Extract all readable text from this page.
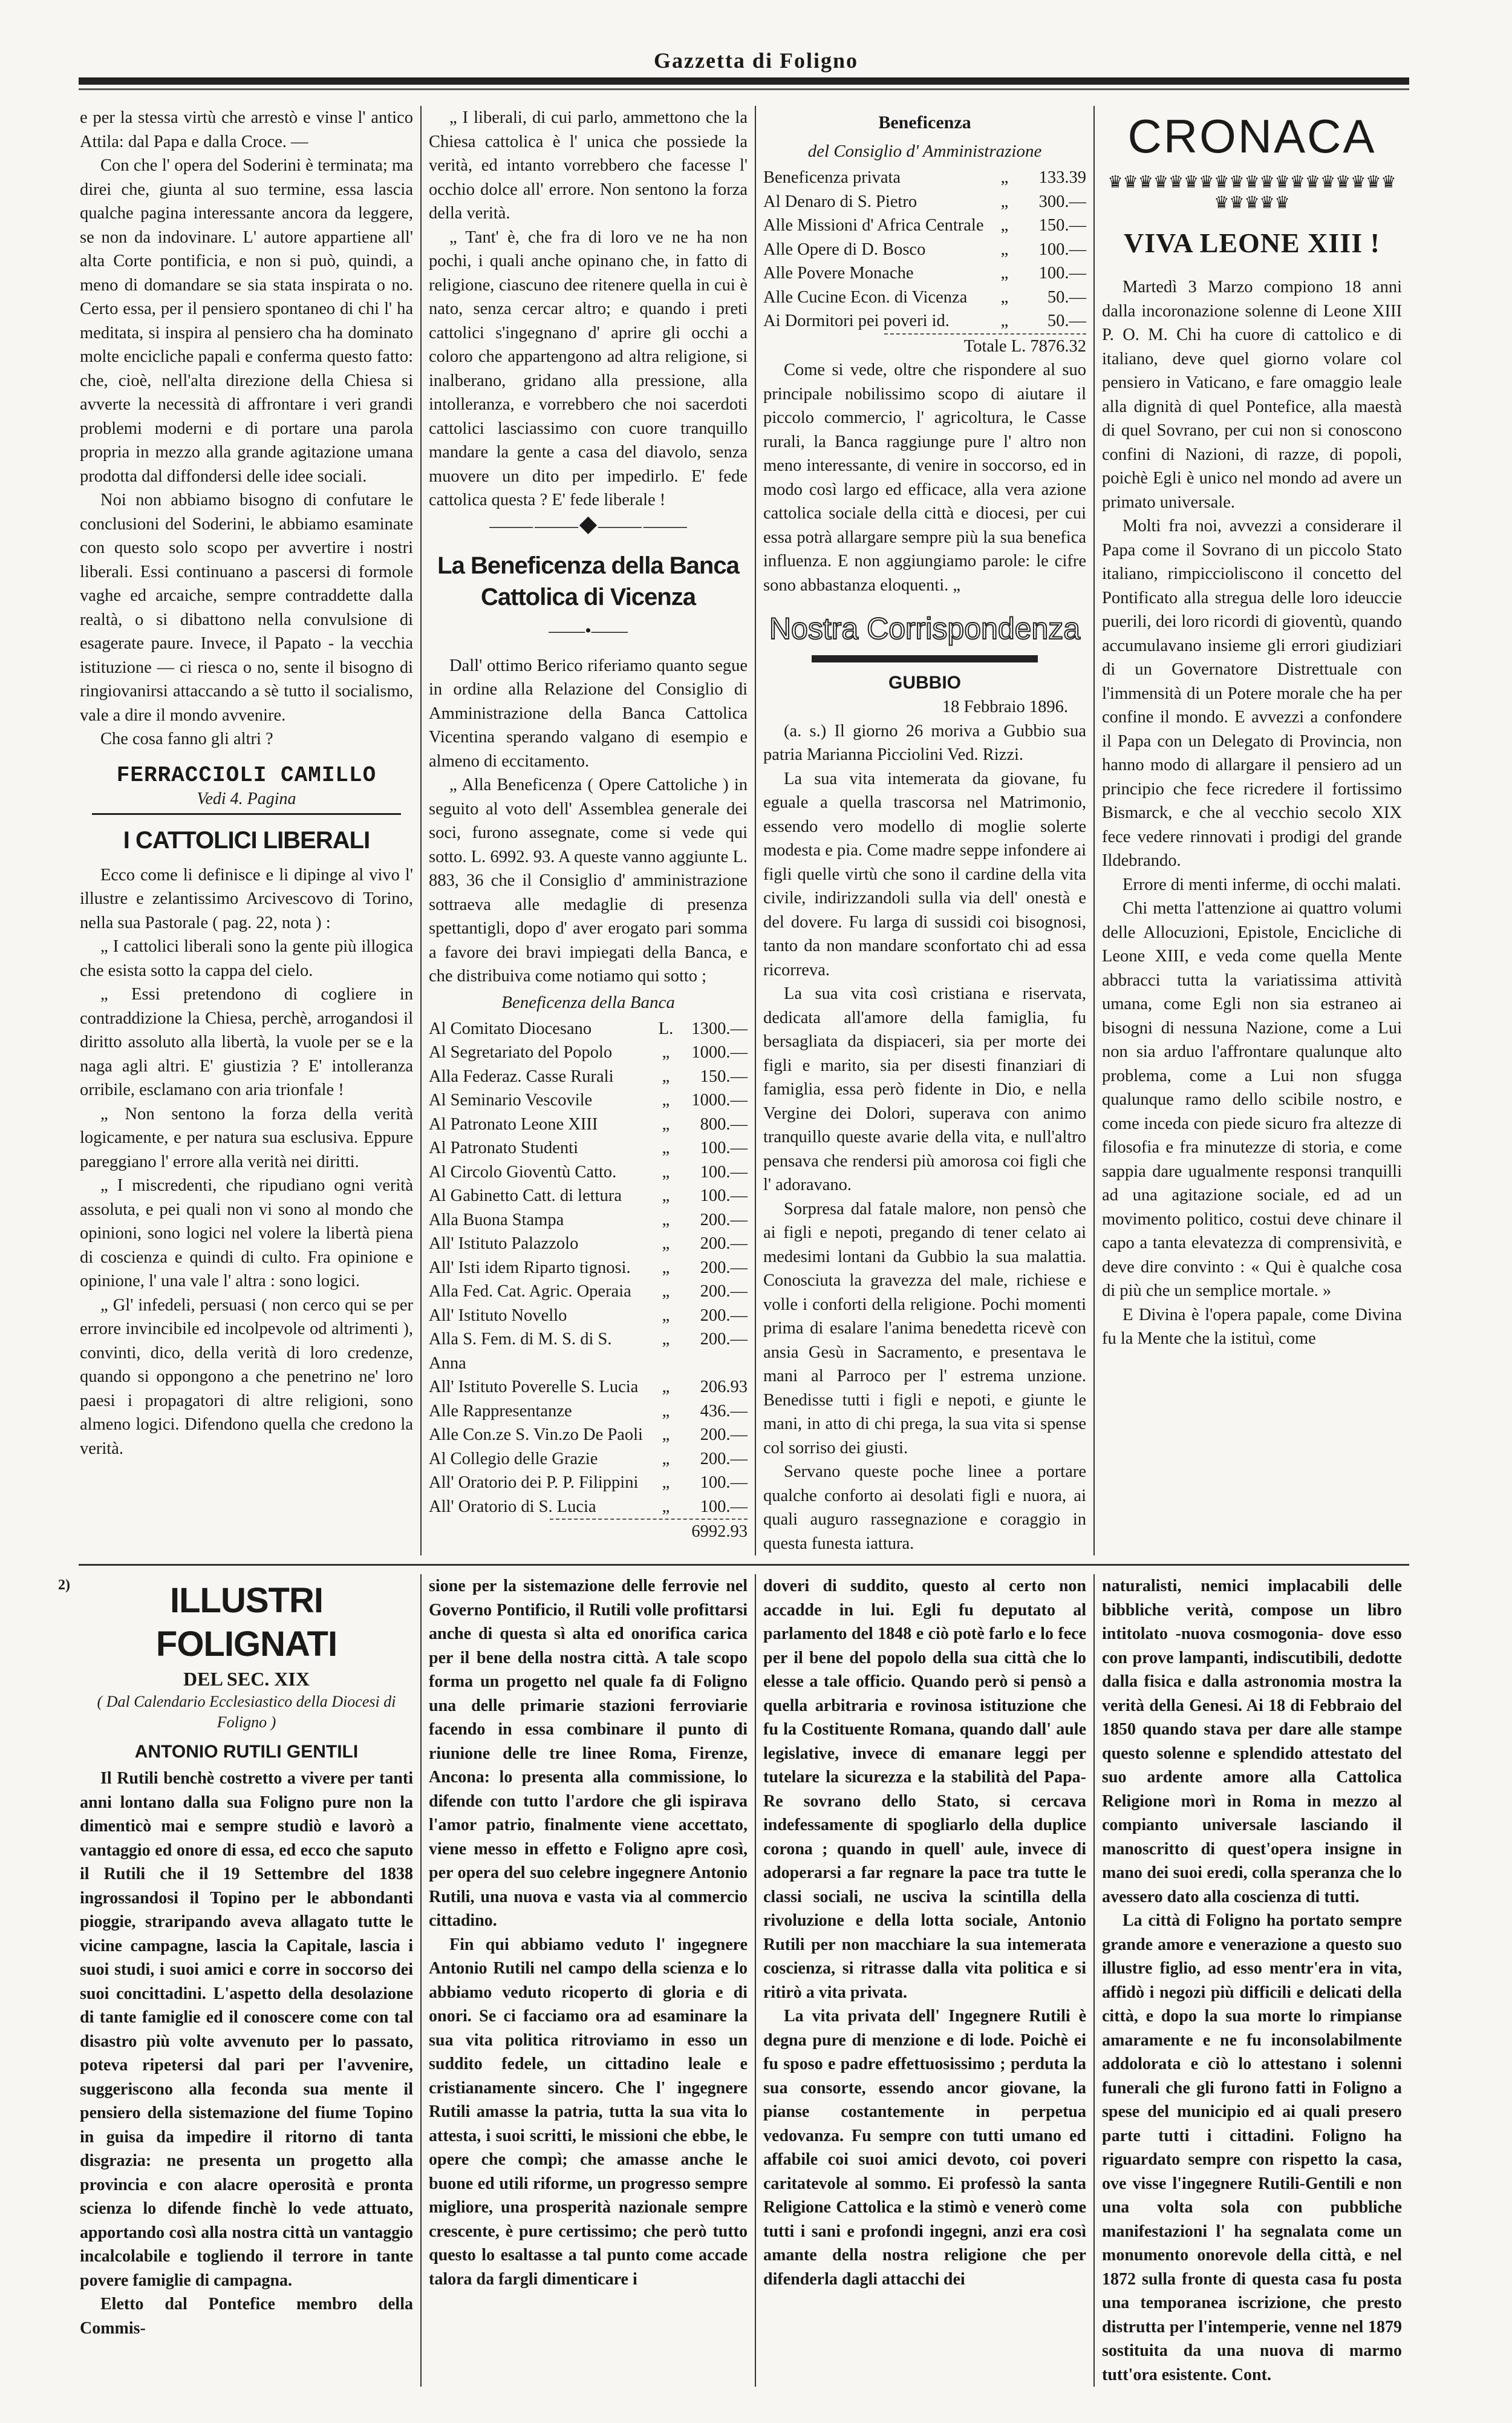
Gazzetta di Foligno

e per la stessa virtù che arrestò e vinse l' antico Attila: dal Papa e dalla Croce. —

Con che l' opera del Soderini è terminata; ma direi che, giunta al suo termine, essa lascia qualche pagina interessante ancora da leggere, se non da indovinare. L' autore appartiene all' alta Corte pontificia, e non si può, quindi, a meno di domandare se sia stata inspirata o no. Certo essa, per il pensiero spontaneo di chi l' ha meditata, si inspira al pensiero cha ha dominato molte encicliche papali e conferma questo fatto: che, cioè, nell'alta direzione della Chiesa si avverte la necessità di affrontare i veri grandi problemi moderni e di portare una parola propria in mezzo alla grande agitazione umana prodotta dal diffondersi delle idee sociali.

Noi non abbiamo bisogno di confutare le conclusioni del Soderini, le abbiamo esaminate con questo solo scopo per avvertire i nostri liberali. Essi continuano a pascersi di formole vaghe ed arcaiche, sempre contraddette dalla realtà, o si dibattono nella convulsione di esagerate paure. Invece, il Papato - la vecchia istituzione — ci riesca o no, sente il bisogno di ringiovanirsi attaccando a sè tutto il socialismo, vale a dire il mondo avvenire.

Che cosa fanno gli altri ?

FERRACCIOLI CAMILLO
Vedi 4. Pagina
I CATTOLICI LIBERALI

Ecco come li definisce e li dipinge al vivo l' illustre e zelantissimo Arcivescovo di Torino, nella sua Pastorale ( pag. 22, nota ) :

„ I cattolici liberali sono la gente più illogica che esista sotto la cappa del cielo.

„ Essi pretendono di cogliere in contraddizione la Chiesa, perchè, arrogandosi il diritto assoluto alla libertà, la vuole per se e la naga agli altri. E' giustizia ? E' intolleranza orribile, esclamano con aria trionfale !

„ Non sentono la forza della verità logicamente, e per natura sua esclusiva. Eppure pareggiano l' errore alla verità nei diritti.

„ I miscredenti, che ripudiano ogni verità assoluta, e pei quali non vi sono al mondo che opinioni, sono logici nel volere la libertà piena di coscienza e quindi di culto. Fra opinione e opinione, l' una vale l' altra : sono logici.

„ Gl' infedeli, persuasi ( non cerco qui se per errore invincibile ed incolpevole od altrimenti ), convinti, dico, della verità di loro credenze, quando si oppongono a che penetrino ne' loro paesi i propagatori di altre religioni, sono almeno logici. Difendono quella che credono la verità.

„ I liberali, di cui parlo, ammettono che la Chiesa cattolica è l' unica che possiede la verità, ed intanto vorrebbero che facesse l' occhio dolce all' errore. Non sentono la forza della verità.

„ Tant' è, che fra di loro ve ne ha non pochi, i quali anche opinano che, in fatto di religione, ciascuno dee ritenere quella in cui è nato, senza cercar altro; e quando i preti cattolici s'ingegnano d' aprire gli occhi a coloro che appartengono ad altra religione, si inalberano, gridano alla pressione, alla intolleranza, e vorrebbero che noi sacerdoti cattolici lasciassimo con cuore tranquillo mandare la gente a casa del diavolo, senza muovere un dito per impedirlo. E' fede cattolica questa ? E' fede liberale !

⸻⸻◆⸻⸻
La Beneficenza della Banca Cattolica di Vicenza
——•——

Dall' ottimo Berico riferiamo quanto segue in ordine alla Relazione del Consiglio di Amministrazione della Banca Cattolica Vicentina sperando valgano di esempio e almeno di eccitamento.

„ Alla Beneficenza ( Opere Cattoliche ) in seguito al voto dell' Assemblea generale dei soci, furono assegnate, come si vede qui sotto. L. 6992. 93. A queste vanno aggiunte L. 883, 36 che il Consiglio d' amministrazione sottraeva alle medaglie di presenza spettantigli, dopo d' aver erogato pari somma a favore dei bravi impiegati della Banca, e che distribuiva come notiamo qui sotto ;

Beneficenza della Banca
Al Comitato Diocesano	L.	1300.—
Al Segretariato del Popolo	„	1000.—
Alla Federaz. Casse Rurali	„	150.—
Al Seminario Vescovile	„	1000.—
Al Patronato Leone XIII	„	800.—
Al Patronato Studenti	„	100.—
Al Circolo Gioventù Catto.	„	100.—
Al Gabinetto Catt. di lettura	„	100.—
Alla Buona Stampa	„	200.—
All' Istituto Palazzolo	„	200.—
All' Isti idem Riparto tignosi.	„	200.—
Alla Fed. Cat. Agric. Operaia	„	200.—
All' Istituto Novello	„	200.—
Alla S. Fem. di M. S. di S. Anna
„	200.—
All' Istituto Poverelle S. Lucia	„	206.93
Alle Rappresentanze	„	436.—
Alle Con.ze S. Vin.zo De Paoli	„	200.—
Al Collegio delle Grazie	„	200.—
All' Oratorio dei P. P. Filippini	„	100.—
All' Oratorio di S. Lucia	„	100.—
6992.93
Beneficenza
del Consiglio d' Amministrazione
Beneficenza privata	„	133.39
Al Denaro di S. Pietro	„	300.—
Alle Missioni d' Africa Centrale „	150.—
Alle Opere di D. Bosco	„	100.—
Alle Povere Monache	„	100.—
Alle Cucine Econ. di Vicenza	„	50.—
Ai Dormitori pei poveri id.	„	50.—
Totale L. 7876.32

Come si vede, oltre che rispondere al suo principale nobilissimo scopo di aiutare il piccolo commercio, l' agricoltura, le Casse rurali, la Banca raggiunge pure l' altro non meno interessante, di venire in soccorso, ed in modo così largo ed efficace, alla vera azione cattolica sociale della città e diocesi, per cui essa potrà allargare sempre più la sua benefica influenza. E non aggiungiamo parole: le cifre sono abbastanza eloquenti. „

Nostra Corrispondenza
GUBBIO
18 Febbraio 1896.

(a. s.) Il giorno 26 moriva a Gubbio sua patria Marianna Picciolini Ved. Rizzi.

La sua vita intemerata da giovane, fu eguale a quella trascorsa nel Matrimonio, essendo vero modello di moglie solerte modesta e pia. Come madre seppe infondere ai figli quelle virtù che sono il cardine della vita civile, indirizzandoli sulla via dell' onestà e del dovere. Fu larga di sussidi coi bisognosi, tanto da non mandare sconfortato chi ad essa ricorreva.

La sua vita così cristiana e riservata, dedicata all'amore della famiglia, fu bersagliata da dispiaceri, sia per morte dei figli e marito, sia per disesti finanziari di famiglia, essa però fidente in Dio, e nella Vergine dei Dolori, superava con animo tranquillo queste avarie della vita, e null'altro pensava che rendersi più amorosa coi figli che l' adoravano.

Sorpresa dal fatale malore, non pensò che ai figli e nepoti, pregando di tener celato ai medesimi lontani da Gubbio la sua malattia. Conosciuta la gravezza del male, richiese e volle i conforti della religione. Pochi momenti prima di esalare l'anima benedetta ricevè con ansia Gesù in Sacramento, e presentava le mani al Parroco per l' estrema unzione. Benedisse tutti i figli e nepoti, e giunte le mani, in atto di chi prega, la sua vita si spense col sorriso dei giusti.

Servano queste poche linee a portare qualche conforto ai desolati figli e nuora, ai quali auguro rassegnazione e coraggio in questa funesta iattura.

CRONACA
♛♛♛♛♛♛♛♛♛♛♛♛♛♛♛♛♛♛♛♛♛♛♛♛
VIVA LEONE XIII !

Martedì 3 Marzo compiono 18 anni dalla incoronazione solenne di Leone XIII P. O. M. Chi ha cuore di cattolico e di italiano, deve quel giorno volare col pensiero in Vaticano, e fare omaggio leale alla dignità di quel Pontefice, alla maestà di quel Sovrano, per cui non si conoscono confini di Nazioni, di razze, di popoli, poichè Egli è unico nel mondo ad avere un primato universale.

Molti fra noi, avvezzi a considerare il Papa come il Sovrano di un piccolo Stato italiano, rimpiccioliscono il concetto del Pontificato alla stregua delle loro ideuccie puerili, dei loro ricordi di gioventù, quando accumulavano insieme gli errori giudiziari di un Governatore Distrettuale con l'immensità di un Potere morale che ha per confine il mondo. E avvezzi a confondere il Papa con un Delegato di Provincia, non hanno modo di allargare il pensiero ad un principio che fece ricredere il fortissimo Bismarck, e che al vecchio secolo XIX fece vedere rinnovati i prodigi del grande Ildebrando.

Errore di menti inferme, di occhi malati.

Chi metta l'attenzione ai quattro volumi delle Allocuzioni, Epistole, Encicliche di Leone XIII, e veda come quella Mente abbracci tutta la variatissima attività umana, come Egli non sia estraneo ai bisogni di nessuna Nazione, come a Lui non sia arduo l'affrontare qualunque alto problema, come a Lui non sfugga qualunque ramo dello scibile nostro, e come inceda con piede sicuro fra altezze di filosofia e fra minutezze di storia, e come sappia dare ugualmente responsi tranquilli ad una agitazione sociale, ed ad un movimento politico, costui deve chinare il capo a tanta elevatezza di comprensività, e deve dire convinto : « Qui è qualche cosa di più che un semplice mortale. »

E Divina è l'opera papale, come Divina fu la Mente che la istituì, come

2)	ILLUSTRI FOLIGNATI
DEL SEC. XIX
( Dal Calendario Ecclesiastico della Diocesi di Foligno )
ANTONIO RUTILI GENTILI

Il Rutili benchè costretto a vivere per tanti anni lontano dalla sua Foligno pure non la dimenticò mai e sempre studiò e lavorò a vantaggio ed onore di essa, ed ecco che saputo il Rutili che il 19 Settembre del 1838 ingrossandosi il Topino per le abbondanti pioggie, straripando aveva allagato tutte le vicine campagne, lascia la Capitale, lascia i suoi studi, i suoi amici e corre in soccorso dei suoi concittadini. L'aspetto della desolazione di tante famiglie ed il conoscere come con tal disastro più volte avvenuto per lo passato, poteva ripetersi dal pari per l'avvenire, suggeriscono alla feconda sua mente il pensiero della sistemazione del fiume Topino in guisa da impedire il ritorno di tanta disgrazia: ne presenta un progetto alla provincia e con alacre operosità e pronta scienza lo difende finchè lo vede attuato, apportando così alla nostra città un vantaggio incalcolabile e togliendo il terrore in tante povere famiglie di campagna.

Eletto dal Pontefice membro della Commis-

sione per la sistemazione delle ferrovie nel Governo Pontificio, il Rutili volle profittarsi anche di questa sì alta ed onorifica carica per il bene della nostra città. A tale scopo forma un progetto nel quale fa di Foligno una delle primarie stazioni ferroviarie facendo in essa combinare il punto di riunione delle tre linee Roma, Firenze, Ancona: lo presenta alla commissione, lo difende con tutto l'ardore che gli ispirava l'amor patrio, finalmente viene accettato, viene messo in effetto e Foligno apre così, per opera del suo celebre ingegnere Antonio Rutili, una nuova e vasta via al commercio cittadino.

Fin qui abbiamo veduto l' ingegnere Antonio Rutili nel campo della scienza e lo abbiamo veduto ricoperto di gloria e di onori. Se ci facciamo ora ad esaminare la sua vita politica ritroviamo in esso un suddito fedele, un cittadino leale e cristianamente sincero. Che l' ingegnere Rutili amasse la patria, tutta la sua vita lo attesta, i suoi scritti, le missioni che ebbe, le opere che compì; che amasse anche le buone ed utili riforme, un progresso sempre migliore, una prosperità nazionale sempre crescente, è pure certissimo; che però tutto questo lo esaltasse a tal punto come accade talora da fargli dimenticare i

doveri di suddito, questo al certo non accadde in lui. Egli fu deputato al parlamento del 1848 e ciò potè farlo e lo fece per il bene del popolo della sua città che lo elesse a tale officio. Quando però si pensò a quella arbitraria e rovinosa istituzione che fu la Costituente Romana, quando dall' aule legislative, invece di emanare leggi per tutelare la sicurezza e la stabilità del Papa-Re sovrano dello Stato, si cercava indefessamente di spogliarlo della duplice corona ; quando in quell' aule, invece di adoperarsi a far regnare la pace tra tutte le classi sociali, ne usciva la scintilla della rivoluzione e della lotta sociale, Antonio Rutili per non macchiare la sua intemerata coscienza, si ritrasse dalla vita politica e si ritirò a vita privata.

La vita privata dell' Ingegnere Rutili è degna pure di menzione e di lode. Poichè ei fu sposo e padre effettuosissimo ; perduta la sua consorte, essendo ancor giovane, la pianse costantemente in perpetua vedovanza. Fu sempre con tutti umano ed affabile coi suoi amici devoto, coi poveri caritatevole al sommo. Ei professò la santa Religione Cattolica e la stimò e venerò come tutti i sani e profondi ingegni, anzi era così amante della nostra religione che per difenderla dagli attacchi dei

naturalisti, nemici implacabili delle bibbliche verità, compose un libro intitolato -nuova cosmogonia- dove esso con prove lampanti, indiscutibili, dedotte dalla fisica e dalla astronomia mostra la verità della Genesi. Ai 18 di Febbraio del 1850 quando stava per dare alle stampe questo solenne e splendido attestato del suo ardente amore alla Cattolica Religione morì in Roma in mezzo al compianto universale lasciando il manoscritto di quest'opera insigne in mano dei suoi eredi, colla speranza che lo avessero dato alla coscienza di tutti.

La città di Foligno ha portato sempre grande amore e venerazione a questo suo illustre figlio, ad esso mentr'era in vita, affidò i negozi più difficili e delicati della città, e dopo la sua morte lo rimpianse amaramente e ne fu inconsolabilmente addolorata e ciò lo attestano i solenni funerali che gli furono fatti in Foligno a spese del municipio ed ai quali presero parte tutti i cittadini. Foligno ha riguardato sempre con rispetto la casa, ove visse l'ingegnere Rutili-Gentili e non una volta sola con pubbliche manifestazioni l' ha segnalata come un monumento onorevole della città, e nel 1872 sulla fronte di questa casa fu posta una temporanea iscrizione, che presto distrutta per l'intemperie, venne nel 1879 sostituita da una nuova di marmo tutt'ora esistente. Cont.
